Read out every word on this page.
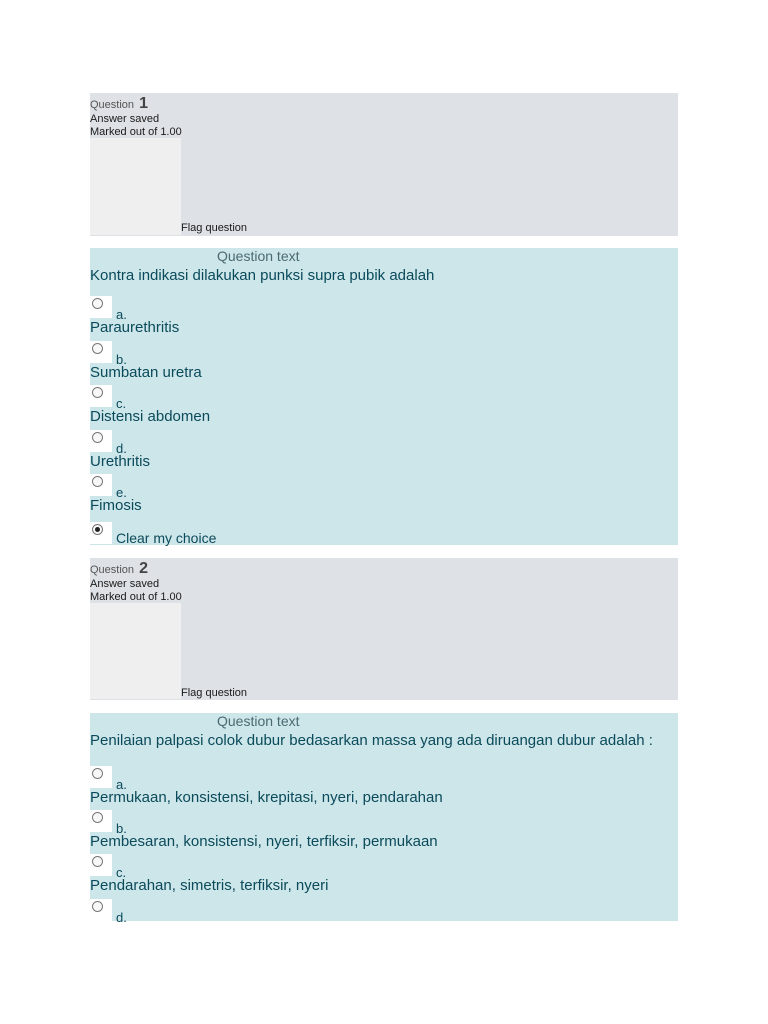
Question 1
Answer saved
Marked out of 1.00
Flag question
Question text
Kontra indikasi dilakukan punksi supra pubik adalah
a.
Paraurethritis
b.
Sumbatan uretra
c.
Distensi abdomen
d.
Urethritis
e.
Fimosis
Clear my choice
Question 2
Answer saved
Marked out of 1.00
Flag question
Question text
Penilaian palpasi colok dubur bedasarkan massa yang ada diruangan dubur adalah :
a.
Permukaan, konsistensi, krepitasi, nyeri, pendarahan
b.
Pembesaran, konsistensi, nyeri, terfiksir, permukaan
c.
Pendarahan, simetris, terfiksir, nyeri
d.
